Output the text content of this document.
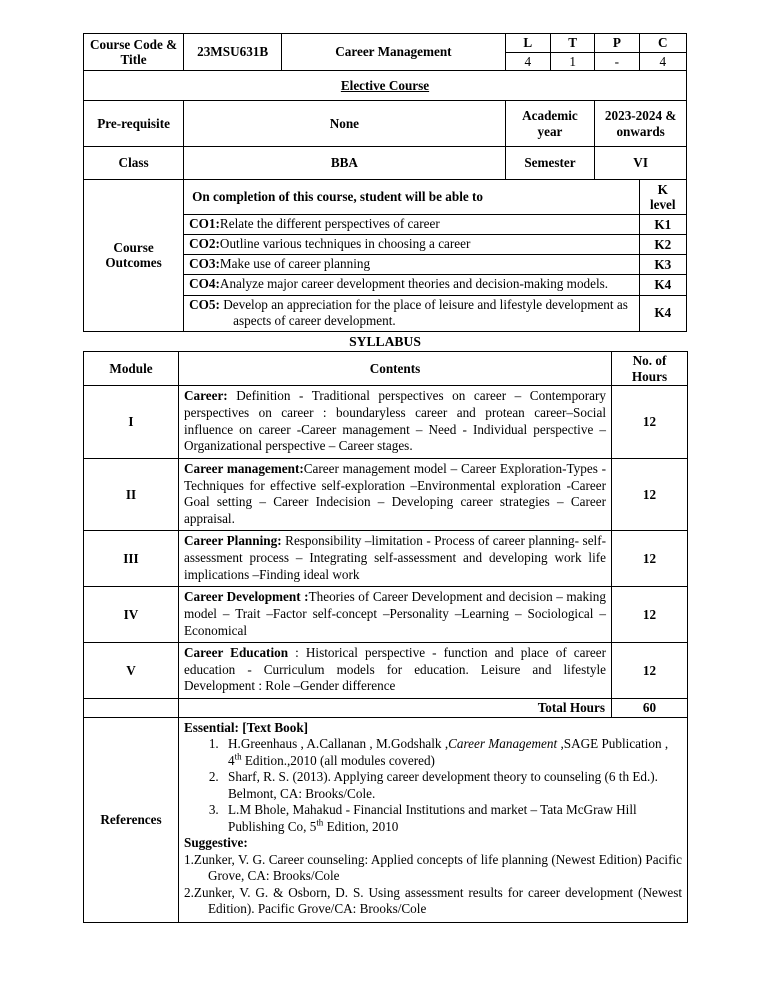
Course Code & Title	23MSU631B	Career Management	L	T	P	C
			4	1	-	4
Elective Course						
Pre-requisite	None		Academic year		2023-2024 & onwards	
Class	BBA		Semester		VI	
Course Outcomes	On completion of this course, student will be able to					K level
	CO1:Relate the different perspectives of career					K1
	CO2:Outline various techniques in choosing a career					K2
	CO3:Make use of career planning					K3

	CO4:Analyze major career development theories and decision-making models.					K4

	CO5: Develop an appreciation for the place of leisure and lifestyle development as aspects of career development.					K4
SYLLABUS
Module	Contents	No. of Hours
I	Career: Definition - Traditional perspectives on career – Contemporary perspectives on career : boundaryless career and protean career–Social influence on career -Career management – Need - Individual perspective – Organizational perspective – Career stages.	12
II	Career management:Career management model – Career Exploration-Types -Techniques for effective self-exploration –Environmental exploration -Career Goal setting – Career Indecision – Developing career strategies – Career appraisal.	12
III	Career Planning: Responsibility –limitation - Process of career planning- self-assessment process – Integrating self-assessment and developing work life implications –Finding ideal work	12
IV	Career Development :Theories of Career Development and decision – making model – Trait –Factor self-concept –Personality –Learning – Sociological –Economical	12
V	Career Education : Historical perspective - function and place of career education - Curriculum models for education. Leisure and lifestyle Development : Role –Gender difference	12
	Total Hours	60
References	
Essential: [Text Book]
1. H.Greenhaus , A.Callanan , M.Godshalk ,Career Management ,SAGE Publication , 4th Edition.,2010 (all modules covered)
2. Sharf, R. S. (2013). Applying career development theory to counseling (6 th Ed.). Belmont, CA: Brooks/Cole.
3. L.M Bhole, Mahakud - Financial Institutions and market – Tata McGraw Hill Publishing Co, 5th Edition, 2010
Suggestive:
1.Zunker, V. G. Career counseling: Applied concepts of life planning (Newest Edition) Pacific Grove, CA: Brooks/Cole
2.Zunker, V. G. & Osborn, D. S. Using assessment results for career development (Newest Edition). Pacific Grove/CA: Brooks/Cole
